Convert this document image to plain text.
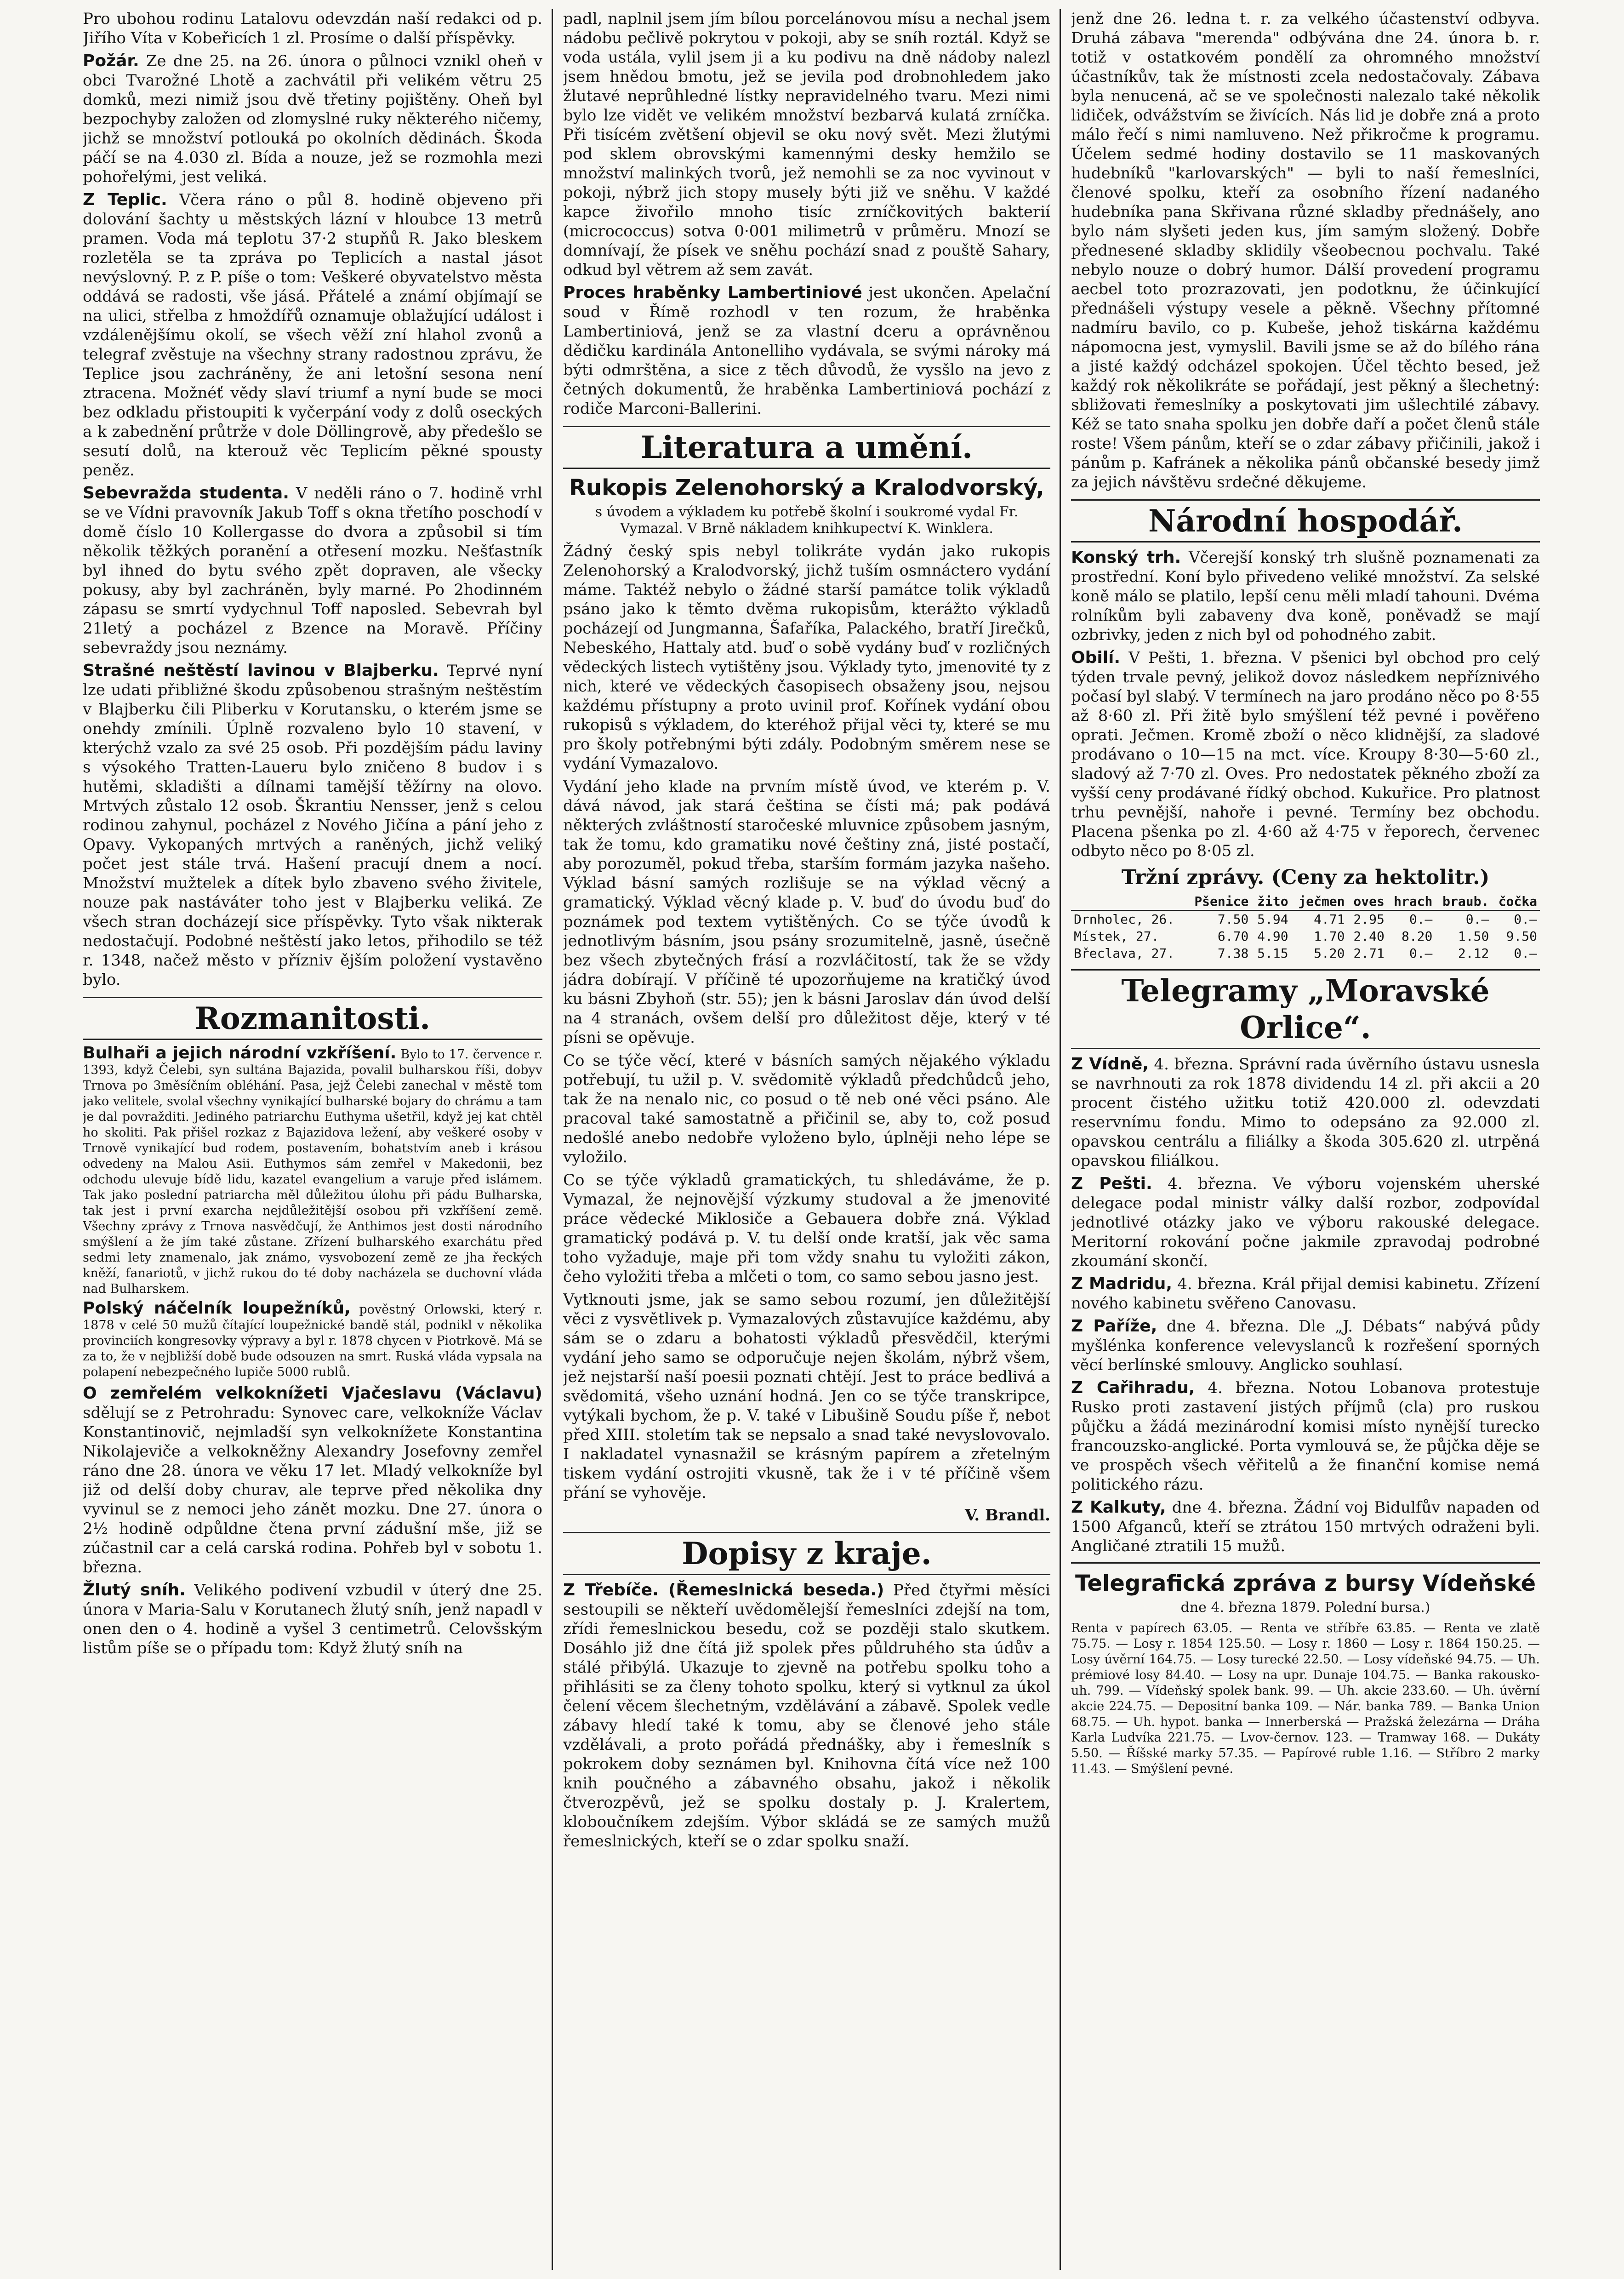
Pro ubohou rodinu Latalovu odevzdán naší redakci od p. Jiřího Víta v Kobeřicích 1 zl. Prosíme o další příspěvky.

Požár. Ze dne 25. na 26. února o půlnoci vznikl oheň v obci Tvarožné Lhotě a zachvátil při velikém větru 25 domků, mezi nimiž jsou dvě třetiny pojištěny. Oheň byl bezpochyby založen od zlomyslné ruky některého ničemy, jichž se množství potlouká po okolních dědinách. Škoda páčí se na 4.030 zl. Bída a nouze, jež se rozmohla mezi pohořelými, jest veliká.

Z Teplic. Včera ráno o půl 8. hodině objeveno při dolování šachty u městských lázní v hloubce 13 metrů pramen. Voda má teplotu 37·2 stupňů R. Jako bleskem rozletěla se ta zpráva po Teplicích a nastal jásot nevýslovný. P. z P. píše o tom: Veškeré obyvatelstvo města oddává se radosti, vše jásá. Přátelé a známí objímají se na ulici, střelba z hmoždířů oznamuje oblažující událost i vzdálenějšímu okolí, se všech věží zní hlahol zvonů a telegraf zvěstuje na všechny strany radostnou zprávu, že Teplice jsou zachráněny, že ani letošní sesona není ztracena. Možnéť vědy slaví triumf a nyní bude se moci bez odkladu přistoupiti k vyčerpání vody z dolů osecký́ch a k zabednění průtrže v dole Döllingrově, aby předešlo se sesutí dolů, na kterouž věc Teplicím pěkné spousty peněz.

Sebevražda studenta. V neděli ráno o 7. hodině vrhl se ve Vídni pravovník Jakub Toff s okna třetího poschodí v domě číslo 10 Kollergasse do dvora a způsobil si tím několik těžkých poranění a otřesení mozku. Nešťastník byl ihned do bytu svého zpět dopraven, ale všecky pokusy, aby byl zachráněn, byly marné. Po 2hodinném zápasu se smrtí vydychnul Toff naposled. Sebevrah byl 21letý a pocházel z Bzence na Moravě. Příčiny sebevraždy jsou neznámy.

Strašné neštěstí lavinou v Blajberku. Teprvé nyní lze udati přibližné škodu způsobenou strašným neštěstím v Blajberku čili Pliberku v Korutansku, o kterém jsme se onehdy zmínili. Úplně rozvaleno bylo 10 stavení, v kterýchž vzalo za své 25 osob. Při pozdějším pádu laviny s výsokého Tratten-Laueru bylo zničeno 8 budov i s hutěmi, skladišti a dílnami tamější těžírny na olovo. Mrtvých zůstalo 12 osob. Škrantiu Nensser, jenž s celou rodinou zahynul, pocházel z Nového Jičína a pání jeho z Opavy. Vykopaných mrtvých a raněných, jichž veliký počet jest stále trvá. Hašení pracují dnem a nocí. Množství mužtelek a dítek bylo zbaveno svého živitele, nouze pak nastáváter toho jest v Blajberku veliká. Ze všech stran docházejí sice příspěvky. Tyto však nikterak nedostačují. Podobné neštěstí jako letos, přihodilo se též r. 1348, načež město v přízniv ějším položení vystavěno bylo.

Rozmanitosti.

Bulhaři a jejich národní vzkříšení. Bylo to 17. července r. 1393, když Čelebi, syn sultána Bajazida, povalil bulharskou říši, dobyv Trnova po 3měsíčním obléhání. Pasa, jejž Čelebi zanechal v městě tom jako velitele, svolal všechny vynikající bulharské bojary do chrámu a tam je dal povražditi. Jediného patriarchu Euthyma ušetřil, když jej kat chtěl ho skoliti. Pak přišel rozkaz z Bajazidova ležení, aby veškeré osoby v Trnově vynikající bud rodem, postavením, bohatstvím aneb i krásou odvedeny na Malou Asii. Euthymos sám zemřel v Makedonii, bez odchodu ulevuje bídě lidu, kazatel evangelium a varuje před islámem. Tak jako poslední patriarcha měl důležitou úlohu při pádu Bulharska, tak jest i první exarcha nejdůležitější osobou při vzkříšení země. Všechny zprávy z Trnova nasvědčují, že Anthimos jest dosti národního smýšlení a že jím také zůstane. Zřízení bulharského exarchátu před sedmi lety znamenalo, jak známo, vysvobození země ze jha řeckých kněží, fanariotů, v jichž rukou do té doby nacházela se duchovní vláda nad Bulharskem.

Polský náčelník loupežníků, pověstný Orlowski, který r. 1878 v celé 50 mužů čítající loupežnické bandě stál, podnikl v několika provinciích kongresovky výpravy a byl r. 1878 chycen v Piotrkově. Má se za to, že v nejbližší době bude odsouzen na smrt. Ruská vláda vypsala na polapení nebezpečného lupiče 5000 rublů.

O zemřelém velkoknížeti Vjačeslavu (Václavu) sdělují se z Petrohradu: Synovec care, velkokníže Václav Konstantinovič, nejmladší syn velkoknížete Konstantina Nikolajeviče a velkokněžny Alexandry Josefovny zemřel ráno dne 28. února ve věku 17 let. Mladý velkokníže byl již od delší doby churav, ale teprve před několika dny vyvinul se z nemoci jeho zánět mozku. Dne 27. února o 2½ hodině odpůldne čtena první zádušní mše, již se zúčastnil car a celá carská rodina. Pohřeb byl v sobotu 1. března.

Žlutý sníh. Velikého podivení vzbudil v úterý dne 25. února v Maria-Salu v Korutanech žlutý sníh, jenž napadl v onen den o 4. hodině a vyšel 3 centimetrů. Celovšským listům píše se o případu tom: Když žlutý sníh na

padl, naplnil jsem jím bílou porcelánovou mísu a nechal jsem nádobu pečlivě pokrytou v pokoji, aby se sníh roztál. Když se voda ustála, vylil jsem ji a ku podivu na dně nádoby nalezl jsem hnědou bmotu, jež se jevila pod drobnohledem jako žlutavé neprůhledné lístky nepravidelného tvaru. Mezi nimi bylo lze vidět ve velikém množství bezbarvá kulatá zrníčka. Při tisícém zvětšení objevil se oku nový svět. Mezi žlutými pod sklem obrovskými kamennými desky hemžilo se množství malinkých tvorů, jež nemohli se za noc vyvinout v pokoji, nýbrž jich stopy musely býti již ve sněhu. V každé kapce živořilo mnoho tisíc zrníčkovitých bakterií (micrococcus) sotva 0·001 milimetrů v průměru. Mnozí se domnívají, že písek ve sněhu pochází snad z pouště Sahary, odkud byl větrem až sem zavát.

Proces hraběnky Lambertiniové jest ukončen. Apelační soud v Římě rozhodl v ten rozum, že hraběnka Lambertiniová, jenž se za vlastní dceru a oprávněnou dědičku kardinála Antonelliho vydávala, se svými nároky má býti odmrštěna, a sice z těch důvodů, že vysšlo na jevo z četných dokumentů, že hraběnka Lambertiniová pochází z rodiče Marconi-Ballerini.

Literatura a umění.
Rukopis Zelenohorský a Kralodvorský,
s úvodem a výkladem ku potřebě školní i soukromé vydal Fr. Vymazal. V Brně nákladem knihkupectví K. Winklera.

Žádný český spis nebyl tolikráte vydán jako rukopis Zelenohorský a Kralodvorský, jichž tuším osmnáctero vydání máme. Taktéž nebylo o žádné starší památce tolik výkladů psáno jako k těmto dvěma rukopisům, kterážto výkladů pocházejí od Jungmanna, Šafaříka, Palackého, bratří Jirečků, Nebeského, Hattaly atd. buď o sobě vydány buď v rozličných vědeckých listech vytištěny jsou. Výklady tyto, jmenovité ty z nich, které ve vědeckých časopisech obsaženy jsou, nejsou každému přístupny a proto uvinil prof. Kořínek vydání obou rukopisů s výkladem, do kteréhož přijal věci ty, které se mu pro školy potřebnými býti zdály. Podobným směrem nese se vydání Vymazalovo.

Vydání jeho klade na prvním místě úvod, ve kterém p. V. dává návod, jak stará čeština se čísti má; pak podává některých zvláštností staročeské mluvnice způsobem jasným, tak že tomu, kdo gramatiku nové češtiny zná, jisté postačí, aby porozuměl, pokud třeba, starším formám jazyka našeho. Výklad básní samých rozlišuje se na výklad věcný a gramatický. Výklad věcný klade p. V. buď do úvodu buď do poznámek pod textem vytištěných. Co se týče úvodů k jednotlivým básním, jsou psány srozumitelně, jasně, úsečně bez všech zbytečných frásí a rozvláčitostí, tak že se vždy jádra dobírají. V příčině té upozorňujeme na kratičký úvod ku básni Zbyhoň (str. 55); jen k básni Jaroslav dán úvod delší na 4 stranách, ovšem delší pro důležitost děje, který v té písni se opěvuje.

Co se týče věcí, které v básních samých nějakého výkladu potřebují, tu užil p. V. svědomitě výkladů předchůdců jeho, tak že na nenalo nic, co posud o tě neb oné věci psáno. Ale pracoval také samostatně a přičinil se, aby to, což posud nedošlé anebo nedobře vyloženo bylo, úplněji neho lépe se vyložilo.

Co se týče výkladů gramatických, tu shledáváme, že p. Vymazal, že nejnovější výzkumy studoval a že jmenovité práce vědecké Miklosiče a Gebauera dobře zná. Výklad gramatický podává p. V. tu delší onde kratší, jak věc sama toho vyžaduje, maje při tom vždy snahu tu vyložiti zákon, čeho vyložiti třeba a mlčeti o tom, co samo sebou jasno jest.

Vytknouti jsme, jak se samo sebou rozumí, jen důležitější věci z vysvětlivek p. Vymazalových zůstavujíce každému, aby sám se o zdaru a bohatosti výkladů přesvědčil, kterými vydání jeho samo se odporučuje nejen školám, nýbrž všem, jež nejstarší naší poesii poznati chtějí. Jest to práce bedlivá a svědomitá, všeho uznání hodná. Jen co se týče transkripce, vytýkali bychom, že p. V. také v Libušině Soudu píše ř, nebot před XIII. stoletím tak se nepsalo a snad také nevyslovovalo. I nakladatel vynasnažil se krásným papírem a zřetelným tiskem vydání ostrojiti vkusně, tak že i v té příčině všem přání se vyhověje.

V. Brandl.
Dopisy z kraje.

Z Třebíče. (Řemeslnická beseda.) Před čtyřmi měsíci sestoupili se někteří uvědomělejší řemeslníci zdejší na tom, zřídi řemeslnickou besedu, což se později stalo skutkem. Dosáhlo již dne čítá již spolek přes půldruhého sta údův a stálé přibýlá. Ukazuje to zjevně na potřebu spolku toho a přihlásiti se za členy tohoto spolku, který si vytknul za úkol čelení věcem šlechetným, vzdělávání a zábavě. Spolek vedle zábavy hledí také k tomu, aby se členové jeho stále vzdělávali, a proto pořádá přednášky, aby i řemeslník s pokrokem doby seznámen byl. Knihovna čítá více než 100 knih poučného a zábavného obsahu, jakož i několik čtverozpěvů, jež se spolku dostaly p. J. Kralertem, kloboučníkem zdejším. Výbor skládá se ze samých mužů řemeslnických, kteří se o zdar spolku snaží.

jenž dne 26. ledna t. r. za velkého účastenství odbyva. Druhá zábava "merenda" odbývána dne 24. února b. r. totiž v ostatkovém pondělí za ohromného množství účastníkův, tak že místnosti zcela nedostačovaly. Zábava byla nenucená, ač se ve společnosti nalezalo také několik lidiček, odvážstvím se živících. Nás lid je dobře zná a proto málo řečí s nimi namluveno. Než přikročme k programu. Účelem sedmé hodiny dostavilo se 11 maskovaných hudebníků "karlovarských" — byli to naší řemeslníci, členové spolku, kteří za osobního řízení nadaného hudebníka pana Skřivana různé skladby přednášely, ano bylo nám slyšeti jeden kus, jím samým složený. Dobře přednesené skladby sklidily všeobecnou pochvalu. Také nebylo nouze o dobrý humor. Dálší provedení programu aecbel toto prozrazovati, jen podotknu, že účinkující přednášeli výstupy vesele a pěkně. Všechny přítomné nadmíru bavilo, co p. Kubeše, jehož tiskárna každému nápomocna jest, vymyslil. Bavili jsme se až do bílého rána a jisté každý odcházel spokojen. Účel těchto besed, jež každý rok několikráte se pořádají, jest pěkný a šlechetný: sbližovati řemeslníky a poskytovati jim ušlechtilé zábavy. Kéž se tato snaha spolku jen dobře daří a počet členů stále roste! Všem pánům, kteří se o zdar zábavy přičinili, jakož i pánům p. Kafránek a několika pánů občanské besedy jimž za jejich návštěvu srdečné děkujeme.

Národní hospodář.

Konský trh. Včerejší konský trh slušně poznamenati za prostřední. Koní bylo přivedeno veliké množství. Za selské koně málo se platilo, lepší cenu měli mladí tahouni. Dvéma rolníkům byli zabaveny dva koně, poněvadž se mají ozbrivky, jeden z nich byl od pohodného zabit.

Obilí. V Pešti, 1. března. V pšenici byl obchod pro celý týden trvale pevný, jelikož dovoz následkem nepříznivého počasí byl slabý. V termínech na jaro prodáno něco po 8·55 až 8·60 zl. Při žitě bylo smýšlení též pevné i pověřeno oprati. Ječmen. Kromě zboží o něco klidnější, za sladové prodávano o 10—15 na mct. více. Kroupy 8·30—5·60 zl., sladový až 7·70 zl. Oves. Pro nedostatek pěkného zboží za vyšší ceny prodávané řídký obchod. Kukuřice. Pro platnost trhu pevnější, nahoře i pevné. Termíny bez obchodu. Placena pšenka po zl. 4·60 až 4·75 v řeporech, červenec odbyto něco po 8·05 zl.

Tržní zprávy. (Ceny za hektolitr.)
	Pšenice	žito	ječmen	oves	hrach	braub.	čočka
Drnholec, 26.	7.50	5.94	4.71	2.95	0.—	0.—	0.—
Místek, 27.	6.70	4.90	1.70	2.40	8.20	1.50	9.50
Břeclava, 27.	7.38	5.15	5.20	2.71	0.—	2.12	0.—
Telegramy „Moravské Orlice“.

Z Vídně, 4. března. Správní rada úvěrního ústavu usnesla se navrhnouti za rok 1878 dividendu 14 zl. při akcii a 20 procent čistého užitku totiž 420.000 zl. odevzdati reservnímu fondu. Mimo to odepsáno za 92.000 zl. opavskou centrálu a filiálky a škoda 305.620 zl. utrpěná opavskou filiálkou.

Z Pešti. 4. března. Ve výboru vojenském uherské delegace podal ministr války další rozbor, zodpovídal jednotlivé otázky jako ve výboru rakouské delegace. Meritorní rokování počne jakmile zpravodaj podrobné zkoumání skončí.

Z Madridu, 4. března. Král přijal demisi kabinetu. Zřízení nového kabinetu svěřeno Canovasu.

Z Paříže, dne 4. března. Dle „J. Débats“ nabývá půdy myšlénka konference velevyslanců k rozřešení sporných věcí berlínské smlouvy. Anglicko souhlasí.

Z Cařihradu, 4. března. Notou Lobanova protestuje Rusko proti zastavení jistých příjmů (cla) pro ruskou půjčku a žádá mezinárodní komisi místo nynější turecko francouzsko-anglické. Porta vymlouvá se, že půjčka děje se ve prospěch všech věřitelů a že finanční komise nemá politického rázu.

Z Kalkuty, dne 4. března. Žádní voj Bidulfův napaden od 1500 Afganců, kteří se ztrátou 150 mrtvých odraženi byli. Angličané ztratili 15 mužů.

Telegrafická zpráva z bursy Vídeňské
dne 4. března 1879. Polední bursa.)

Renta v papírech 63.05. — Renta ve stříbře 63.85. — Renta ve zlatě 75.75. — Losy r. 1854 125.50. — Losy r. 1860 — Losy r. 1864 150.25. — Losy úvěrní 164.75. — Losy turecké 22.50. — Losy vídeňské 94.75. — Uh. prémiové losy 84.40. — Losy na upr. Dunaje 104.75. — Banka rakousko-uh. 799. — Vídeňský spolek bank. 99. — Uh. akcie 233.60. — Uh. úvěrní akcie 224.75. — Depositní banka 109. — Nár. banka 789. — Banka Union 68.75. — Uh. hypot. banka — Innerberská — Pražská železárna — Dráha Karla Ludvíka 221.75. — Lvov-černov. 123. — Tramway 168. — Dukáty 5.50. — Říšské marky 57.35. — Papírové ruble 1.16. — Stříbro 2 marky 11.43. — Smýšlení pevné.
